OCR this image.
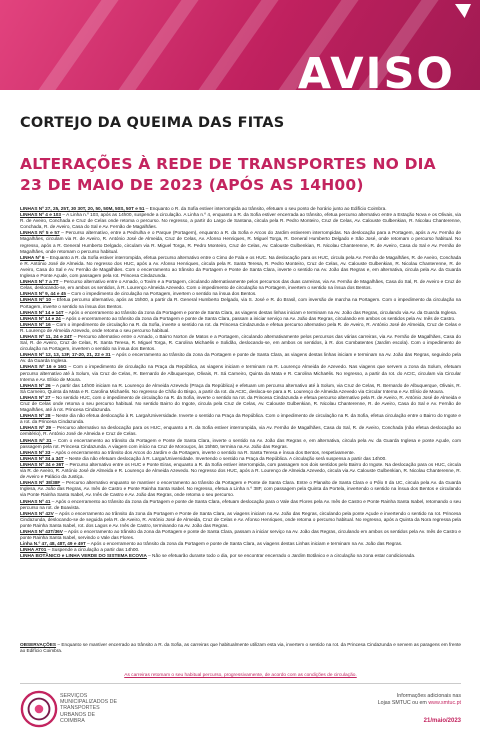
AVISO
CORTEJO DA QUEIMA DAS FITAS
ALTERAÇÕES À REDE DE TRANSPORTES NO DIA 23 DE MAIO DE 2023 (APÓS AS 14H00)

LINHAS Nº 27, 25, 25T, 30 30T, 20, 50, 50M, 50S, 50T e 51 – Enquanto o R. da Sofia estiver interrompida ao trânsito, efetuam o seu ponto de horário junto ao Edifício Coimbra.

LINHAS Nº 4 e 103 – A Linha n.º 103, após as 14h00, suspende a circulação. A Linha n.º 4, enquanto a R. da Sofia estiver encerrada ao trânsito, efetua percurso alternativo entre a Estação Nova e os Olivais, via R. de Aveiro, Conchada e Cruz de Celas onde retoma o percurso. No regresso, a partir do Largo de Santana, circula pela R. Pedro Monteiro, Cruz de Celas, Av. Calouste Gulbenkian, R. Nicolau Chanterenne, Conchada, R. de Aveiro, Casa do Sal e Av. Fernão de Magalhães.

LINHAS Nº 5 e 57 – Percurso alternativo, entre a Pedrulha e o Parque (Portagem), enquanto a R. da Sofia e Arcos do Jardim estiverem interrompidas. Na deslocação para a Portagem, após a Av. Fernão de Magalhães, circulam via R. de Aveiro, R. António José de Almeida, Cruz de Celas, Av. Afonso Henriques, R. Miguel Torga, R. General Humberto Delgado e São José, onde retomam o percurso habitual. No regresso, após a R. General Humberto Delgado, circulam via R. Miguel Torga, R. Pedro Monteiro, Cruz de Celas, Av. Calouste Gulbenkian, R. Nicolau Chanterenne, R. de Aveiro, Casa do Sal e Av. Fernão de Magalhães, onde retomam o percurso habitual.

LINHA Nº 6 – Enquanto a R. da Sofia estiver interrompida, efetua percurso alternativo entre o Cimo de Fala e os HUC. Na deslocação para os HUC, circula pela Av. Fernão de Magalhães, R. de Aveiro, Conchada e R. António José de Almeida. No regresso dos HUC, após a Av. Afonso Henriques, circula pela R. Santa Teresa, R. Pedro Monteiro, Cruz de Celas, Av. Calouste Gulbenkian, R. Nicolau Chanterenne, R. de Aveiro, Casa do Sal e Av. Fernão de Magalhães. Com o encerramento ao trânsito da Portagem e Ponte de Santa Clara, inverte o sentido na Av. João das Regras e, em alternativa, circula pela Av. da Guarda Inglesa e Ponte Açude, com passagem pela rot. Princesa Cindazunda.

LINHAS Nº 7 a 7T – Percurso alternativo entre o Arnado, o Tovim e a Portagem, circulando alternativamente pelos percursos das duas carreiras, via Av. Fernão de Magalhães, Casa do Sal, R. de Aveiro e Cruz de Celas, deslocando-se, em ambos os sentidos, à R. Lourenço Almeida Azevedo. Com o impedimento de circulação na Portagem, invertem o sentido na ínsua dos Bentos.

LINHAS Nº 9, 44 e 45 – Com o impedimento de circulação na Portagem, invertem o sentido na ínsua dos Bentos.

LINHAS Nº 10 – Efetua percurso alternativo, após as 15h00, a partir da R. General Humberto Delgado, via S. José e R. do Brasil, com inversão de marcha na Portagem. Com o impedimento da circulação na Portagem, inverte o sentido na ínsua dos Bentos.

LINHAS Nº 14 e 14T – Após o encerramento ao trânsito da zona da Portagem e ponte de Santa Clara, as viagens destas linhas iniciam e terminam na Av. João das Regras, circulando via Av. da Guarda Inglesa.

LINHAS Nº 14 e 24 – Após o encerramento ao trânsito da zona da Portagem e ponte de Santa Clara, passam a iniciar serviço na Av. João das Regras, circulando em ambos os sentidos pela Av. Inês de Castro.

LINHAS Nº 16 – Com o impedimento de circulação na R. da Sofia, inverte o sentido na rot. da Princesa Cindazunda e efetua percurso alternativo pela R. de Aveiro, R. António José de Almeida, Cruz de Celas e R. Lourenço de Almeida Azevedo, onde retoma o seu percurso habitual.

LINHAS Nº 11, 24 e 24T – Percurso alternativo entre o Arnado, o Bairro Norton de Matos e a Portagem, circulando alternativamente pelos percursos das várias carreiras, via Av. Fernão de Magalhães, Casa do Sal, R. de Aveiro, Cruz de Celas, R. Santa Teresa, R. Miguel Torga, R. Carolina Michaëlis e Solidão, deslocando-se, em ambos os sentidos, à R. dos Combatentes (Jardim escola). Com o impedimento de circulação na Portagem, invertem o sentido na ínsua dos Bentos.

LINHAS Nº 12, 13, 13F, 17-20, 21, 22 e 31 – Após o encerramento ao trânsito da zona da Portagem e ponte de Santa Clara, as viagens destas linhas iniciam e terminam na Av. João das Regras, seguindo pela Av. da Guarda Inglesa.

LINHAS Nº 16 e 16G – Com o impedimento de circulação na Praça da República, as viagens iniciam e terminam na R. Lourenço Almeida de Azevedo. Nas viagens que servem a zona da Solum, efetuam percurso alternativo até à Solum, via Cruz de Celas, R. Bernardo de Albuquerque, Olivais, R. Sá Carneiro, Quinta da Mata e R. Carolina Michaëlis. No regresso, a partir da rot. do ACIC, circulam via Circular Interna e Av. Elísio de Moura.

LINHAS Nº 26 – A partir das 14h00 iniciam na R. Lourenço de Almeida Azevedo (Praça da República) e efetuam um percurso alternativo até à Solum, via Cruz de Celas, R. Bernardo de Albuquerque, Olivais, R. Sá Carneiro, Quinta da Mata e R. Carolina Michaëlis. No regresso de Chão do Bispo, a partir da rot. da ACIC, desloca-se para a R. Lourenço de Almeida Azevedo via Circular Interna e Av. Elísio de Moura.

LINHAS Nº 27 – No sentido HUC, com o impedimento de circulação na R. da Sofia, inverte o sentido na rot. da Princesa Cindazunda e efetua percurso alternativo pela R. de Aveiro, R. António José de Almeida e Cruz de Celas onde retoma o seu percurso habitual. No sentido Bairro do Ingote, circula pela Cruz de Celas, Av. Calouste Gulbenkian, R. Nicolau Chanterenne, R. de Aveiro, Casa do Sal e Av. Fernão de Magalhães, até à rot. Princesa Cindazunda.

LINHAS Nº 28 – Neste dia não efetua deslocação à R. Larga/Universidade. Inverte o sentido na Praça da República. Com o impedimento de circulação na R. da Sofia, efetua circulação entre o Bairro do Ingote e a rot. da Princesa Cindazunda.

LINHAS Nº 29 – Percurso alternativo na deslocação para os HUC, enquanto a R. da Sofia estiver interrompida, via Av. Fernão de Magalhães, Casa do Sal, R. de Aveiro, Conchada (não efetua deslocação ao cemitério), R. António José de Almeida e Cruz de Celas.

LINHAS Nº 31 – Com o encerramento ao trânsito da Portagem e Ponte de Santa Clara, inverte o sentido na Av. João das Regras e, em alternativa, circula pela Av. da Guarda Inglesa e ponte Açude, com passagem pela rot. Princesa Cindazunda. A viagem com início na Cruz de Morouços, às 15h50, termina na Av. João das Regras.

LINHAS Nº 33 – Após o encerramento ao trânsito dos Arcos do Jardim e da Portagem, inverte o sentido na R. Santa Teresa e ínsua dos Bentos, respetivamente.

LINHAS Nº 34 a 34T – Neste dia não efetuam deslocação à R. Larga/Universidade. Invertendo o sentido na Praça da República. A circulação será suspensa a partir das 14h00.

LINHAS Nº 34 e 36T – Percurso alternativo entre os HUC e Ponte Eiras, enquanto a R. da Sofia estiver interrompida, com passagem nos dois sentidos pelo Bairro do Ingote. Na deslocação para os HUC, circula via R. de Aveiro, R. António José de Almeida e R. Lourenço de Almeida Azevedo. No regresso dos HUC, após a R. Lourenço de Almeida Azevedo, circula via Av. Calouste Gulbenkian, R. Nicolau Chanterenne, R. de Aveiro e Palácio da Justiça.

LINHAS Nº 38/38F – Percurso alternativo enquanto se mantiver o encerramento ao trânsito da Portagem e Ponte de Santa Clara. Entre o Planalto de Santa Clara e o Pólo II da UC, circula pela Av. da Guarda Inglesa, Av. João das Regras, Av. Inês de Castro e Ponte Rainha Santa Isabel. No regresso, efetua a Linha n.º 38F, com passagem pela Quinta da Portela, invertendo o sentido na ínsua dos Bentos e circulando via Ponte Rainha Santa Isabel, Av. Inês de Castro e Av. João das Regras, onde retoma o seu percurso.

LINHAS Nº 41 – Após o encerramento ao trânsito da zona da Portagem e ponte de Santa Clara, efetuam deslocação para o Vale das Flores pela Av. Inês de Castro e Ponte Rainha Santa Isabel, retomando o seu percurso na rot. de Boavista.

LINHAS Nº 42V – Após o encerramento ao trânsito da zona da Portagem e Ponte de Santa Clara, as viagens iniciam na Av. João das Regras, circulando pela ponte Açude e invertendo o sentido na rot. Princesa Cindazunda, deslocando-se de seguida pela R. de Aveiro, R. António José de Almeida, Cruz de Celas e Av. Afonso Henriques, onde retoma o percurso habitual. No regresso, após a Quinta da Nora regressa pela ponte Rainha Santa Isabel, rot. dos Lagos e Av. Inês de Castro, terminando na Av. João das Regras.

LINHAS Nº 43T/36V – Após o encerramento ao trânsito da zona da Portagem e ponte de Santa Clara, passam a iniciar serviço na Av. João das Regras, circulando em ambos os sentidos pela Av. Inês de Castro e ponte Rainha Santa Isabel, servindo o Vale das Flores.

Linha N.º 47, 48, 48T, 49 e 49T – Após o encerramento ao trânsito da zona da Portagem e ponte de Santa Clara, as viagens destas Linhas iniciam e terminam na Av. João das Regras.

LINHA AT01 – Suspende a circulação a partir das 14h00.

LINHA BOTÂNICO e LINHA VERDE DO SISTEMA ECOVIA – Não se efetuarão durante todo o dia, por se encontrar encerrado o Jardim Botânico e a circulação na zona estar condicionada.

OBSERVAÇÕES – Enquanto se mantiver encerrado ao trânsito a R. da Sofia, as carreiras que habitualmente utilizam esta via, invertem o sentido na rot. da Princesa Cindazunda e servem as paragens em frente ao Edifício Coimbra.
As carreiras retomam o seu habitual percurso, progressivamente, de acordo com as condições de circulação.
SERVIÇOS
MUNICIPALIZADOS DE
TRANSPORTES
URBANOS DE
COIMBRA
Informações adicionais nas
Lojas SMTUC ou em www.smtuc.pt
21/maio/2023
